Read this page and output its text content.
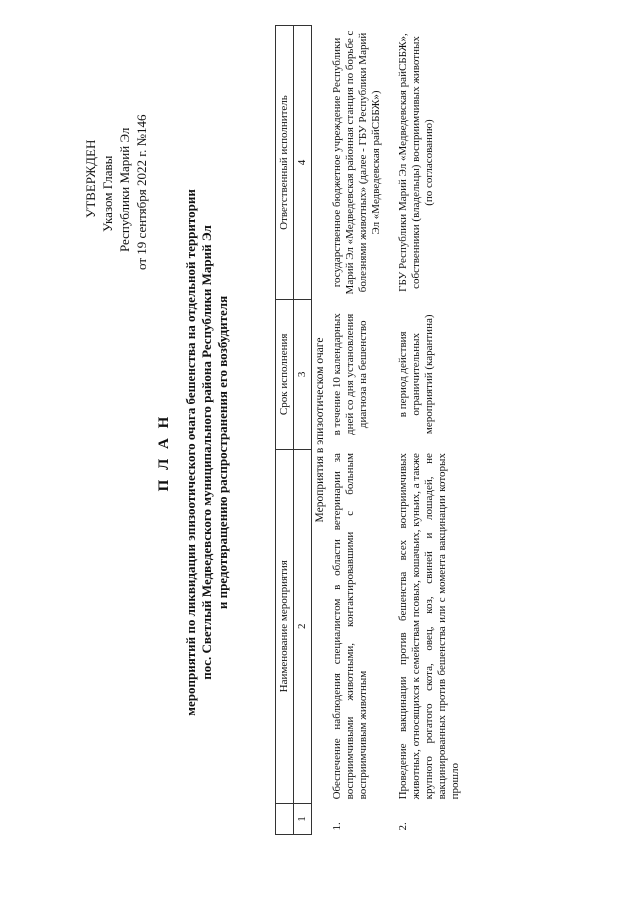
УТВЕРЖДЕН Указом Главы Республики Марий Эл от 19 сентября 2022 г. №146
П Л А Н мероприятий по ликвидации эпизоотического очага бешенства на отдельной территории пос. Светлый Медведевского муниципального района Республики Марий Эл и предотвращению распространения его возбудителя
	Наименование мероприятия	Срок исполнения	Ответственный исполнитель
1	2	3	4
Мероприятия в эпизоотическом очаге			
1.	Обеспечение наблюдения специалистом в области ветеринарии за восприимчивыми животными, контактировавшими с больным восприимчивым животным	в течение 10 календарных дней со дня установления диагноза на бешенство	государственное бюджетное учреждение Республики Марий Эл «Медведевская районная станция по борьбе с болезнями животных» (далее - ГБУ Республики Марий Эл «Медведевская райСББЖ»)
2.	Проведение вакцинации против бешенства всех восприимчивых животных, относящихся к семействам псовых, кошачьих, куньих, а также крупного рогатого скота, овец, коз, свиней и лошадей, не вакцинированных против бешенства или с момента вакцинации которых прошло	в период действия ограничительных мероприятий (карантина)	ГБУ Республики Марий Эл «Медведевская райСББЖ», собственники (владельцы) восприимчивых животных (по согласованию)
